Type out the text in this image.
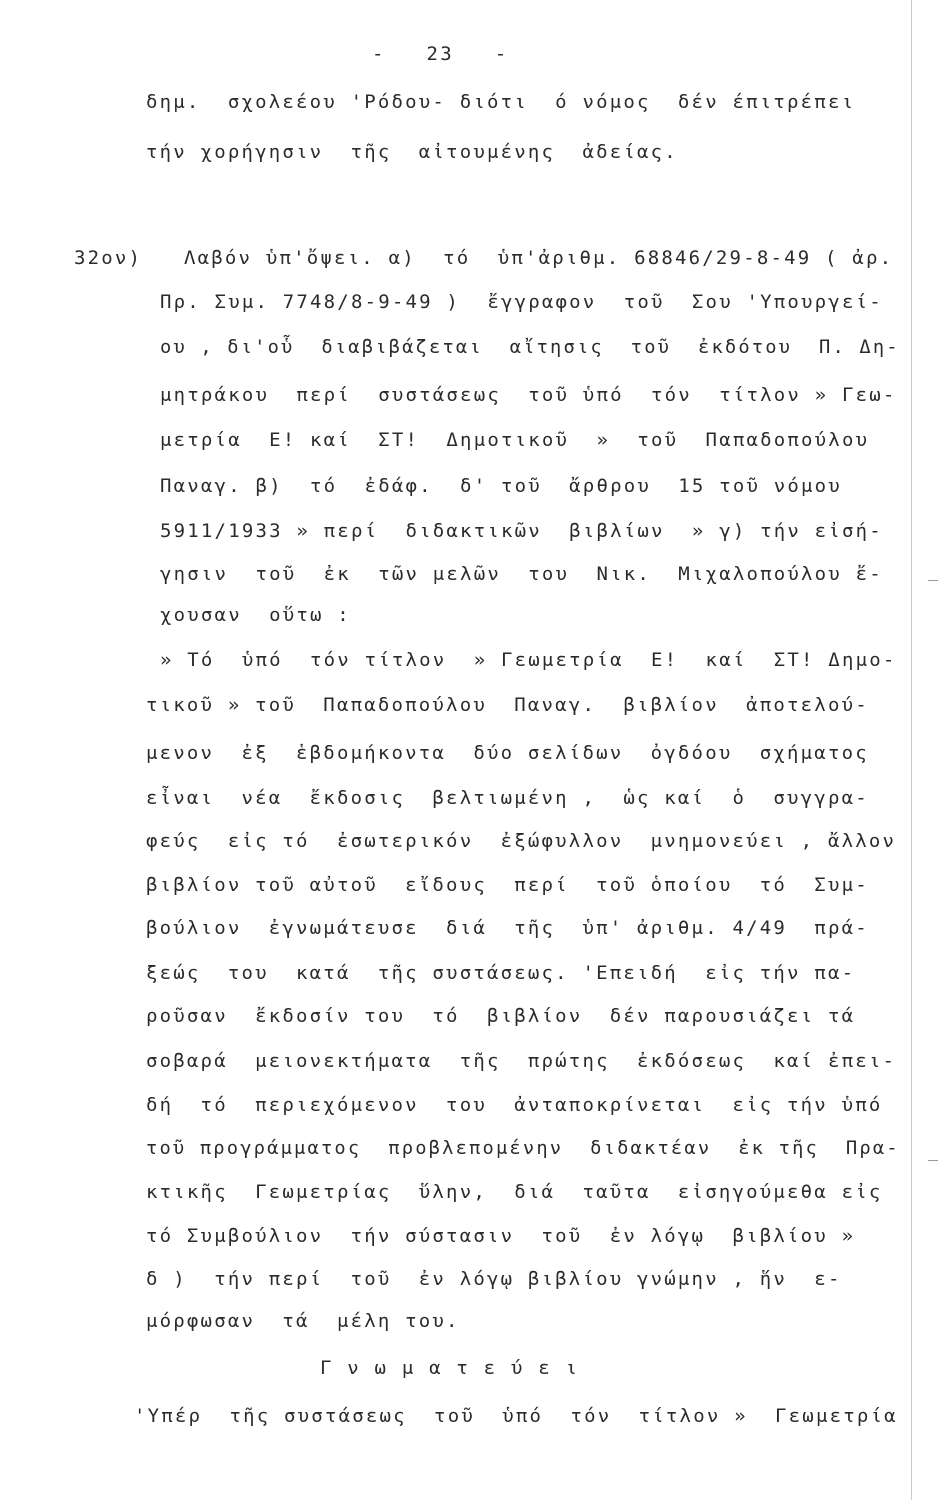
-   23   -
δημ.  σχολεέου 'Ρόδου- διότι  ό νόμος  δέν έπιτρέπει
τήν χορήγησιν  τῆς  αἰτουμένης  ἀδείας.
32ον) Λαβόν ὑπ'ὄψει. α)  τό  ὑπ'ἀριθμ. 68846/29-8-49 ( ἀρ.
Πρ. Συμ. 7748/8-9-49 )  ἔγγραφον  τοῦ  Σου 'Υπουργεί-
ου , δι'οὗ  διαβιβάζεται  αἴτησις  τοῦ  ἐκδότου  Π. Δη-
μητράκου  περί  συστάσεως  τοῦ ὑπό  τόν  τίτλον » Γεω-
μετρία  Ε! καί  ΣΤ!  Δημοτικοῦ  »  τοῦ  Παπαδοπούλου
Παναγ. β)  τό  ἐδάφ.  δ' τοῦ  ἄρθρου  15 τοῦ νόμου
5911/1933 » περί  διδακτικῶν  βιβλίων  » γ) τήν εἰσή-
γησιν  τοῦ  ἐκ  τῶν μελῶν  του  Νικ.  Μιχαλοπούλου ἔ-
χουσαν  οὕτω :
» Τό  ὑπό  τόν τίτλον  » Γεωμετρία  Ε!  καί  ΣΤ! Δημο-
τικοῦ » τοῦ  Παπαδοπούλου  Παναγ.  βιβλίον  ἀποτελού-
μενον  ἐξ  ἑβδομήκοντα  δύο σελίδων  ὀγδόου  σχήματος
εἶναι  νέα  ἔκδοσις  βελτιωμένη ,  ὡς καί  ὁ  συγγρα-
φεύς  εἰς τό  ἐσωτερικόν  ἐξώφυλλον  μνημονεύει , ἄλλον
βιβλίον τοῦ αὐτοῦ  εἴδους  περί  τοῦ ὁποίου  τό  Συμ-
βούλιον  ἐγνωμάτευσε  διά  τῆς  ὑπ' ἀριθμ. 4/49  πρά-
ξεώς  του  κατά  τῆς συστάσεως. 'Επειδή  εἰς τήν πα-
ροῦσαν  ἔκδοσίν του  τό  βιβλίον  δέν παρουσιάζει τά
σοβαρά  μειονεκτήματα  τῆς  πρώτης  ἐκδόσεως  καί ἐπει-
δή  τό  περιεχόμενον  του  ἀνταποκρίνεται  εἰς τήν ὑπό
τοῦ προγράμματος  προβλεπομένην  διδακτέαν  ἐκ τῆς  Πρα-
κτικῆς  Γεωμετρίας  ὕλην,  διά  ταῦτα  εἰσηγούμεθα εἰς
τό Συμβούλιον  τήν σύστασιν  τοῦ  ἐν λόγῳ  βιβλίου »
δ )  τήν περί  τοῦ  ἐν λόγῳ βιβλίου γνώμην , ἥν  ε-
μόρφωσαν  τά  μέλη του.
Γ ν ω μ α τ ε ύ ε ι
'Υπέρ  τῆς συστάσεως  τοῦ  ὑπό  τόν  τίτλον »  Γεωμετρία
